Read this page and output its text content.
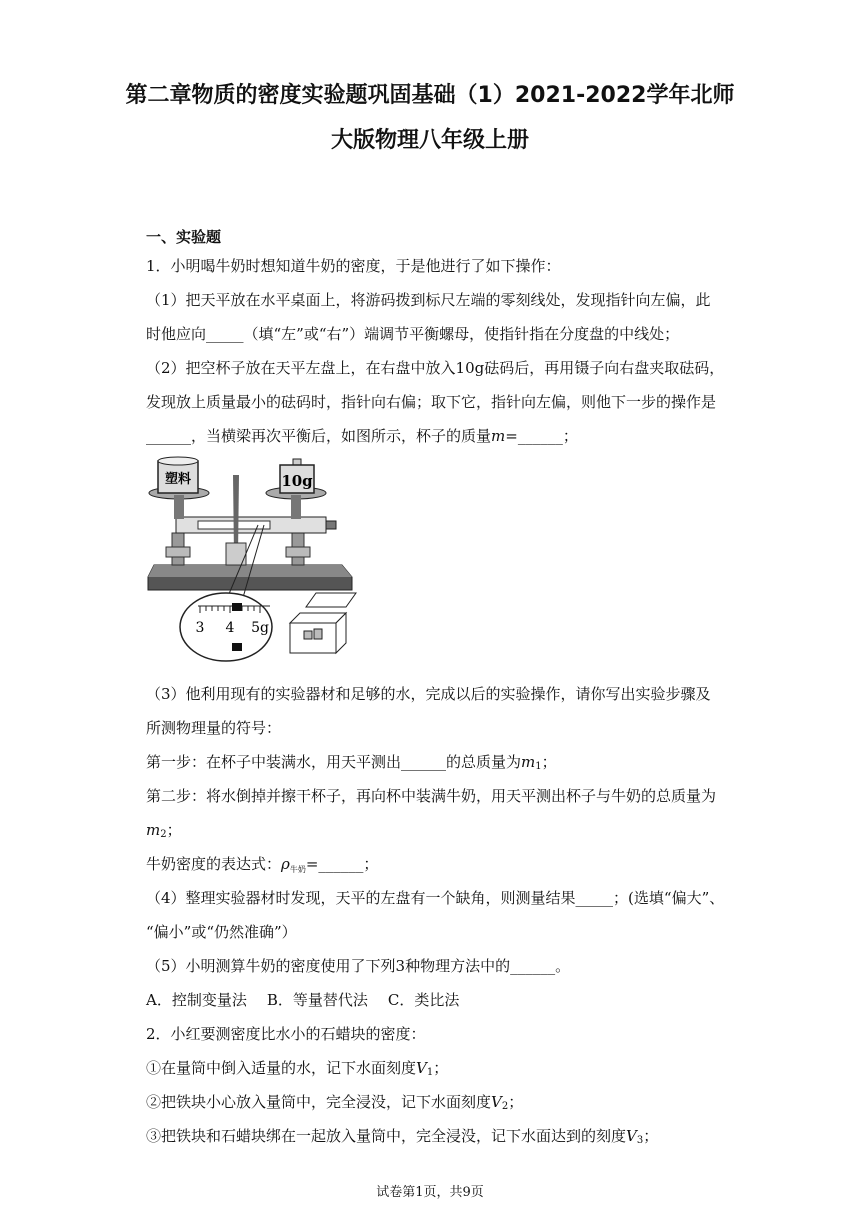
第二章物质的密度实验题巩固基础（1）2021-2022学年北师
大版物理八年级上册
一、实验题
1．小明喝牛奶时想知道牛奶的密度，于是他进行了如下操作：
（1）把天平放在水平桌面上，将游码拨到标尺左端的零刻线处，发现指针向左偏，此
时他应向_____（填“左”或“右”）端调节平衡螺母，使指针指在分度盘的中线处；
（2）把空杯子放在天平左盘上，在右盘中放入10g砝码后，再用镊子向右盘夹取砝码，
发现放上质量最小的砝码时，指针向右偏；取下它，指针向左偏，则他下一步的操作是
______，当横梁再次平衡后，如图所示，杯子的质量m=______；
塑料	10g
3 4 5g
（3）他利用现有的实验器材和足够的水，完成以后的实验操作，请你写出实验步骤及
所测物理量的符号：
第一步：在杯子中装满水，用天平测出______的总质量为$m_1$；
第二步：将水倒掉并擦干杯子，再向杯中装满牛奶，用天平测出杯子与牛奶的总质量为
$m_2$；
牛奶密度的表达式：$\rho_{牛奶}=\_\_\_\_\_\_$；
（4）整理实验器材时发现，天平的左盘有一个缺角，则测量结果_____；(选填“偏大”、
“偏小”或“仍然准确”）
（5）小明测算牛奶的密度使用了下列3种物理方法中的______。
A．控制变量法 B．等量替代法 C．类比法
2．小红要测密度比水小的石蜡块的密度：
①在量筒中倒入适量的水，记下水面刻度$V_1$；
②把铁块小心放入量筒中，完全浸没，记下水面刻度$V_2$；
③把铁块和石蜡块绑在一起放入量筒中，完全浸没，记下水面达到的刻度$V_3$；
试卷第1页，共9页
